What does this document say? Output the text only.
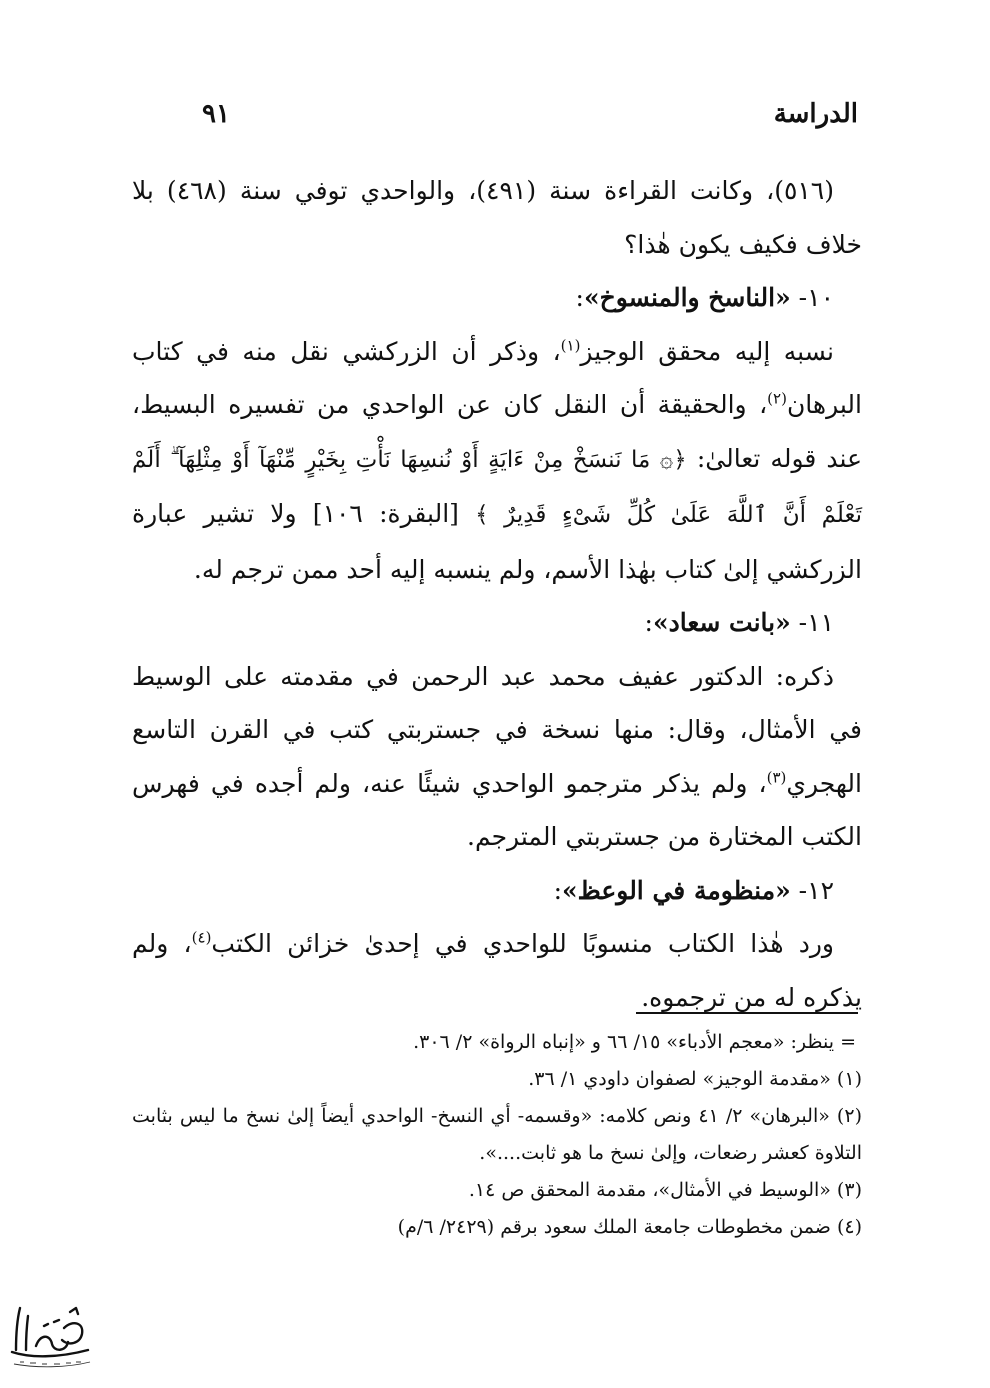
الدراسة
٩١

(٥١٦)، وكانت القراءة سنة (٤٩١)، والواحدي توفي سنة (٤٦٨) بلا خلاف فكيف يكون هٰذا؟

١٠- «الناسخ والمنسوخ»:

نسبه إليه محقق الوجيز$^{(١)}$، وذكر أن الزركشي نقل منه في كتاب البرهان$^{(٢)}$، والحقيقة أن النقل كان عن الواحدي من تفسيره البسيط، عند قوله تعالىٰ: ﴿۞ مَا نَنسَخْ مِنْ ءَايَةٍ أَوْ نُنسِهَا نَأْتِ بِخَيْرٍ مِّنْهَآ أَوْ مِثْلِهَآ ۗ أَلَمْ تَعْلَمْ أَنَّ ٱللَّهَ عَلَىٰ كُلِّ شَىْءٍ قَدِيرٌ ﴾ [البقرة: ١٠٦] ولا تشير عبارة الزركشي إلىٰ كتاب بهٰذا الأسم، ولم ينسبه إليه أحد ممن ترجم له.

١١- «بانت سعاد»:

ذكره: الدكتور عفيف محمد عبد الرحمن في مقدمته على الوسيط في الأمثال، وقال: منها نسخة في جستربتي كتب في القرن التاسع الهجري$^{(٣)}$، ولم يذكر مترجمو الواحدي شيئًا عنه، ولم أجده في فهرس الكتب المختارة من جستربتي المترجم.

١٢- «منظومة في الوعظ»:

ورد هٰذا الكتاب منسوبًا للواحدي في إحدىٰ خزائن الكتب$^{(٤)}$، ولم يذكره له من ترجموه.

= ينظر: «معجم الأدباء» ١٥/ ٦٦ و «إنباه الرواة» ٢/ ٣٠٦.

(١) «مقدمة الوجيز» لصفوان داودي ١/ ٣٦.

(٢) «البرهان» ٢/ ٤١ ونص كلامه: «وقسمه- أي النسخ- الواحدي أيضاً إلىٰ نسخ ما ليس بثابت التلاوة كعشر رضعات، وإلىٰ نسخ ما هو ثابت....».

(٣) «الوسيط في الأمثال»، مقدمة المحقق ص ١٤.

(٤) ضمن مخطوطات جامعة الملك سعود برقم (٢٤٢٩/ ٦/م)
